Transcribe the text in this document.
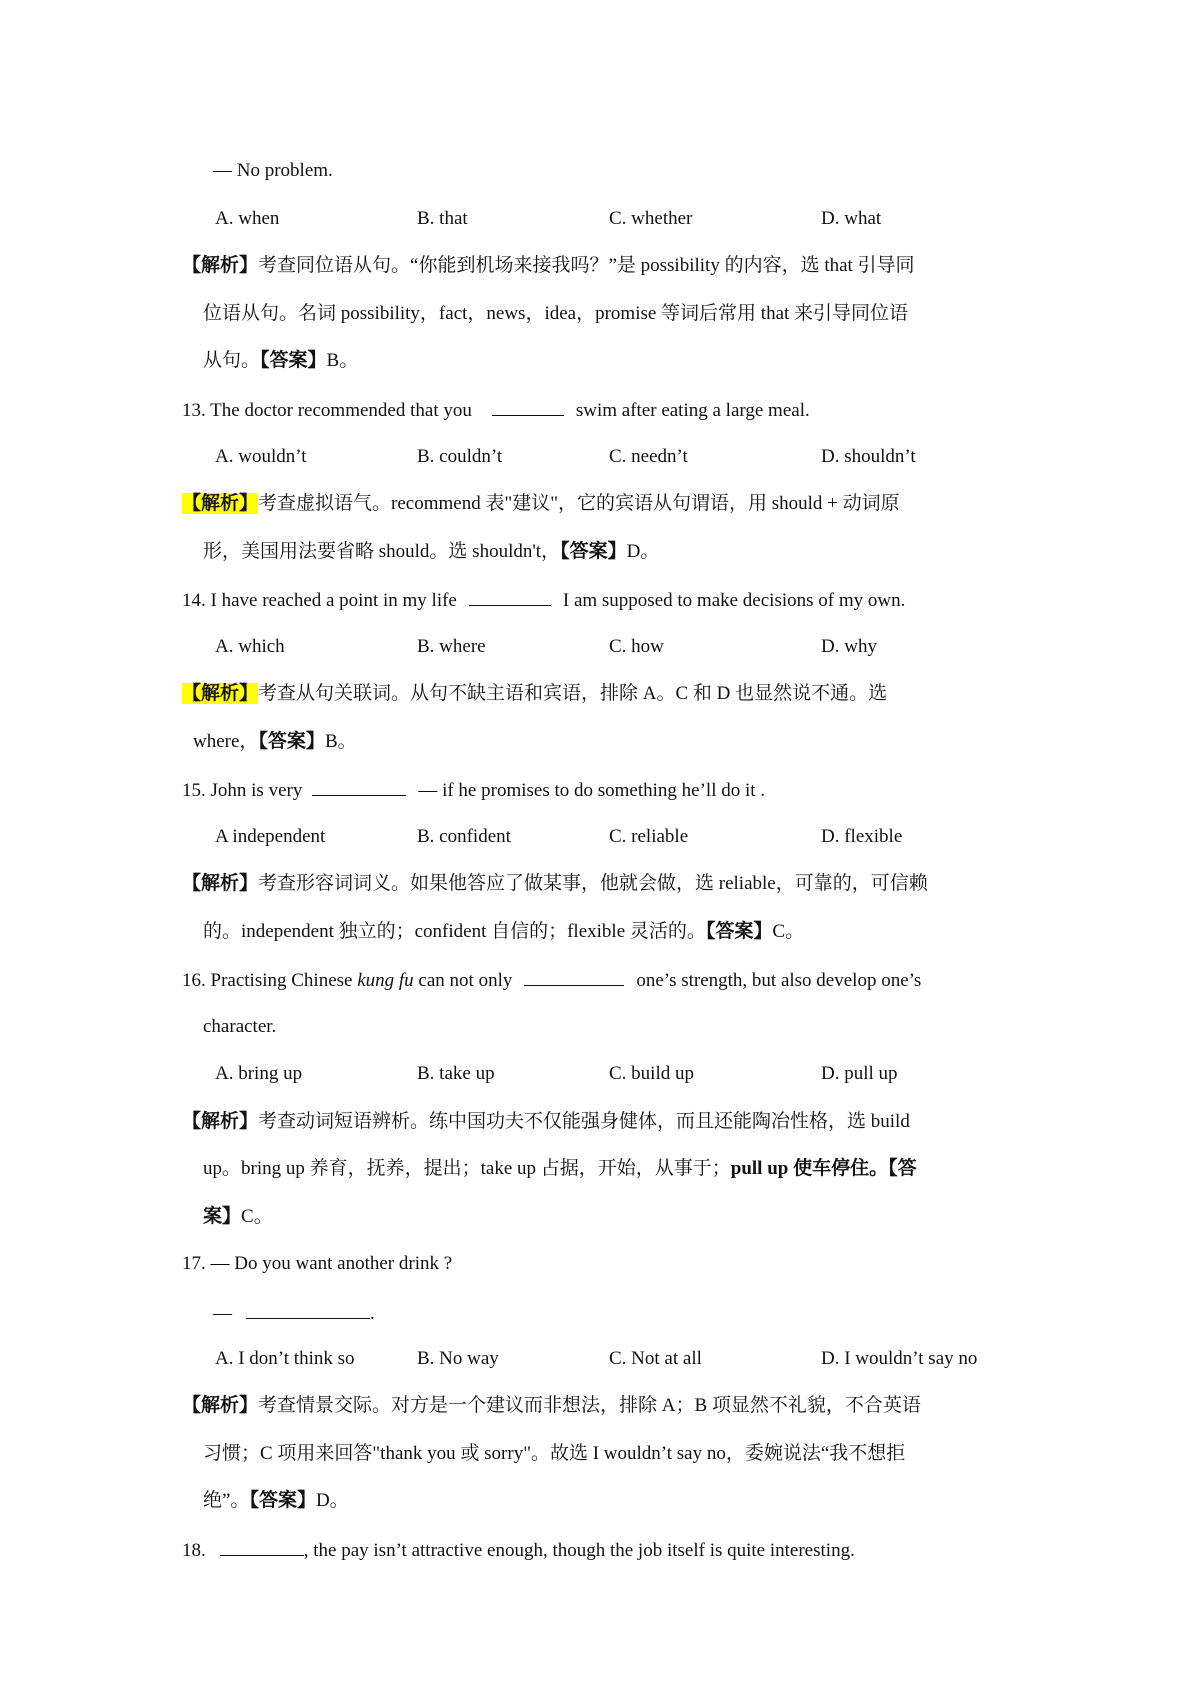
— No problem.
A. when	B. that	C. whether	D. what
【解析】考查同位语从句。“你能到机场来接我吗？”是 possibility 的内容，选 that 引导同
位语从句。名词 possibility，fact，news，idea，promise 等词后常用 that 来引导同位语
从句。【答案】B。
13. The doctor recommended that you	swim after eating a large meal.
A. wouldn’t	B. couldn’t	C. needn’t	D. shouldn’t
【解析】考查虚拟语气。recommend 表"建议"，它的宾语从句谓语，用 should + 动词原
形，美国用法要省略 should。选 shouldn't，【答案】D。
14. I have reached a point in my life	I am supposed to make decisions of my own.
A. which	B. where	C. how	D. why
【解析】考查从句关联词。从句不缺主语和宾语，排除 A。C 和 D 也显然说不通。选
where，【答案】B。
15. John is very	— if he promises to do something he’ll do it .
A independent	B. confident	C. reliable	D. flexible
【解析】考查形容词词义。如果他答应了做某事，他就会做，选 reliable，可靠的，可信赖
的。independent 独立的；confident 自信的；flexible 灵活的。【答案】C。
16. Practising Chinese kung fu can not only	one’s strength, but also develop one’s
character.
A. bring up	B. take up	C. build up	D. pull up
【解析】考查动词短语辨析。练中国功夫不仅能强身健体，而且还能陶冶性格，选 build
up。bring up 养育，抚养，提出；take up 占据，开始，从事于；pull up 使车停住。【答
案】C。
17. — Do you want another drink ?
—	.
A. I don’t think so	B. No way	C. Not at all	D. I wouldn’t say no
【解析】考查情景交际。对方是一个建议而非想法，排除 A；B 项显然不礼貌，不合英语
习惯；C 项用来回答"thank you 或 sorry"。故选 I wouldn’t say no，委婉说法“我不想拒
绝”。【答案】D。
18.	, the pay isn’t attractive enough, though the job itself is quite interesting.
